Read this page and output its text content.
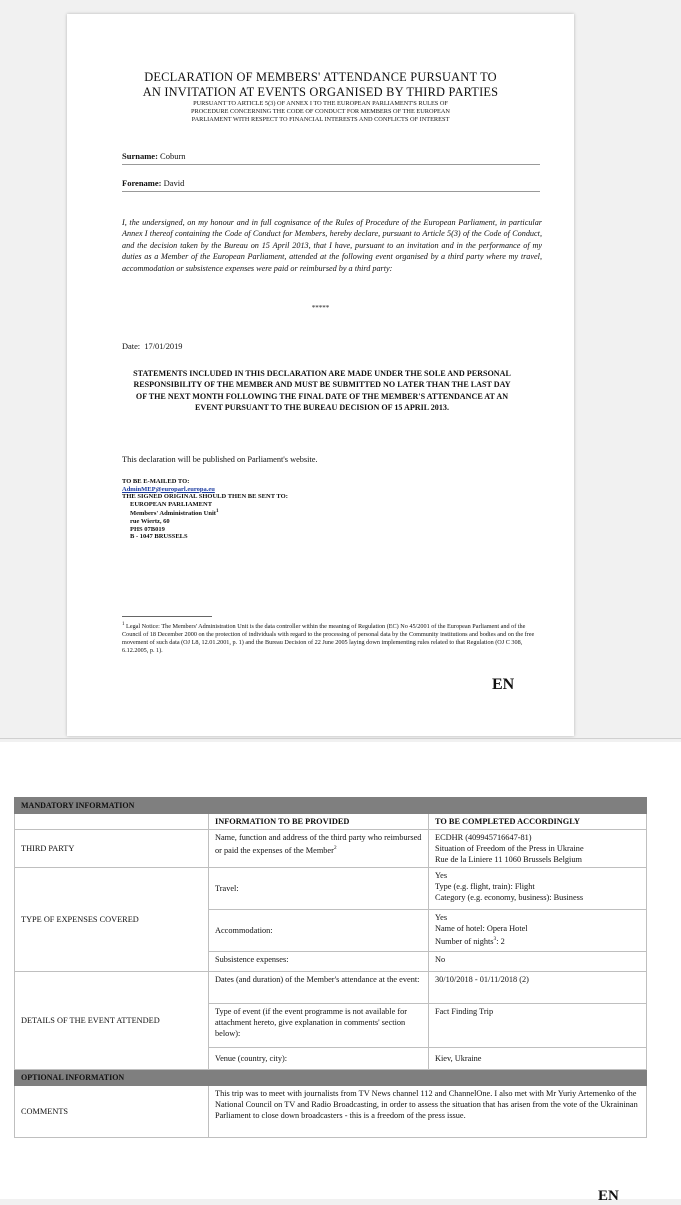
DECLARATION OF MEMBERS' ATTENDANCE PURSUANT TO
AN INVITATION AT EVENTS ORGANISED BY THIRD PARTIES
PURSUANT TO ARTICLE 5(3) OF ANNEX I TO THE EUROPEAN PARLIAMENT'S RULES OF
PROCEDURE CONCERNING THE CODE OF CONDUCT FOR MEMBERS OF THE EUROPEAN
PARLIAMENT WITH RESPECT TO FINANCIAL INTERESTS AND CONFLICTS OF INTEREST
Surname: Coburn
Forename: David
I, the undersigned, on my honour and in full cognisance of the Rules of Procedure of the European Parliament, in particular Annex I thereof containing the Code of Conduct for Members, hereby declare, pursuant to Article 5(3) of the Code of Conduct, and the decision taken by the Bureau on 15 April 2013, that I have, pursuant to an invitation and in the performance of my duties as a Member of the European Parliament, attended at the following event organised by a third party where my travel, accommodation or subsistence expenses were paid or reimbursed by a third party:
*****
Date: 17/01/2019
STATEMENTS INCLUDED IN THIS DECLARATION ARE MADE UNDER THE SOLE AND PERSONAL RESPONSIBILITY OF THE MEMBER AND MUST BE SUBMITTED NO LATER THAN THE LAST DAY OF THE NEXT MONTH FOLLOWING THE FINAL DATE OF THE MEMBER'S ATTENDANCE AT AN EVENT PURSUANT TO THE BUREAU DECISION OF 15 APRIL 2013.
This declaration will be published on Parliament's website.
TO BE E-MAILED TO:
AdminMEP@europarl.europa.eu
THE SIGNED ORIGINAL SHOULD THEN BE SENT TO:
EUROPEAN PARLIAMENT
Members' Administration Unit$^1$
rue Wiertz, 60
PHS 07B019
B - 1047 BRUSSELS
$^1$ Legal Notice: The Members' Administration Unit is the data controller within the meaning of Regulation (EC) No 45/2001 of the European Parliament and of the Council of 18 December 2000 on the protection of individuals with regard to the processing of personal data by the Community institutions and bodies and on the free movement of such data (OJ L8, 12.01.2001, p. 1) and the Bureau Decision of 22 June 2005 laying down implementing rules related to that Regulation (OJ C 308, 6.12.2005, p. 1).
EN
MANDATORY INFORMATION		
	INFORMATION TO BE PROVIDED	TO BE COMPLETED ACCORDINGLY
THIRD PARTY	Name, function and address of the third party who reimbursed or paid the expenses of the Member$^2$	ECDHR (409945716647-81)
Situation of Freedom of the Press in Ukraine
Rue de la Liniere 11 1060 Brussels Belgium

TYPE OF EXPENSES COVERED	Travel:	Yes
Type (e.g. flight, train): Flight
Category (e.g. economy, business): Business

	Accommodation:	Yes
Name of hotel: Opera Hotel
Number of nights$^3$: 2

	Subsistence expenses:	No
DETAILS OF THE EVENT ATTENDED	Dates (and duration) of the Member's attendance at the event:	30/10/2018 - 01/11/2018 (2)
	Type of event (if the event programme is not available for attachment hereto, give explanation in comments' section below):	Fact Finding Trip
	Venue (country, city):	Kiev, Ukraine
OPTIONAL INFORMATION		
COMMENTS	This trip was to meet with journalists from TV News channel 112 and ChannelOne. I also met with Mr Yuriy Artemenko of the National Council on TV and Radio Broadcasting, in order to assess the situation that has arisen from the vote of the Ukraininan Parliament to close down broadcasters - this is a freedom of the press issue.	
EN
